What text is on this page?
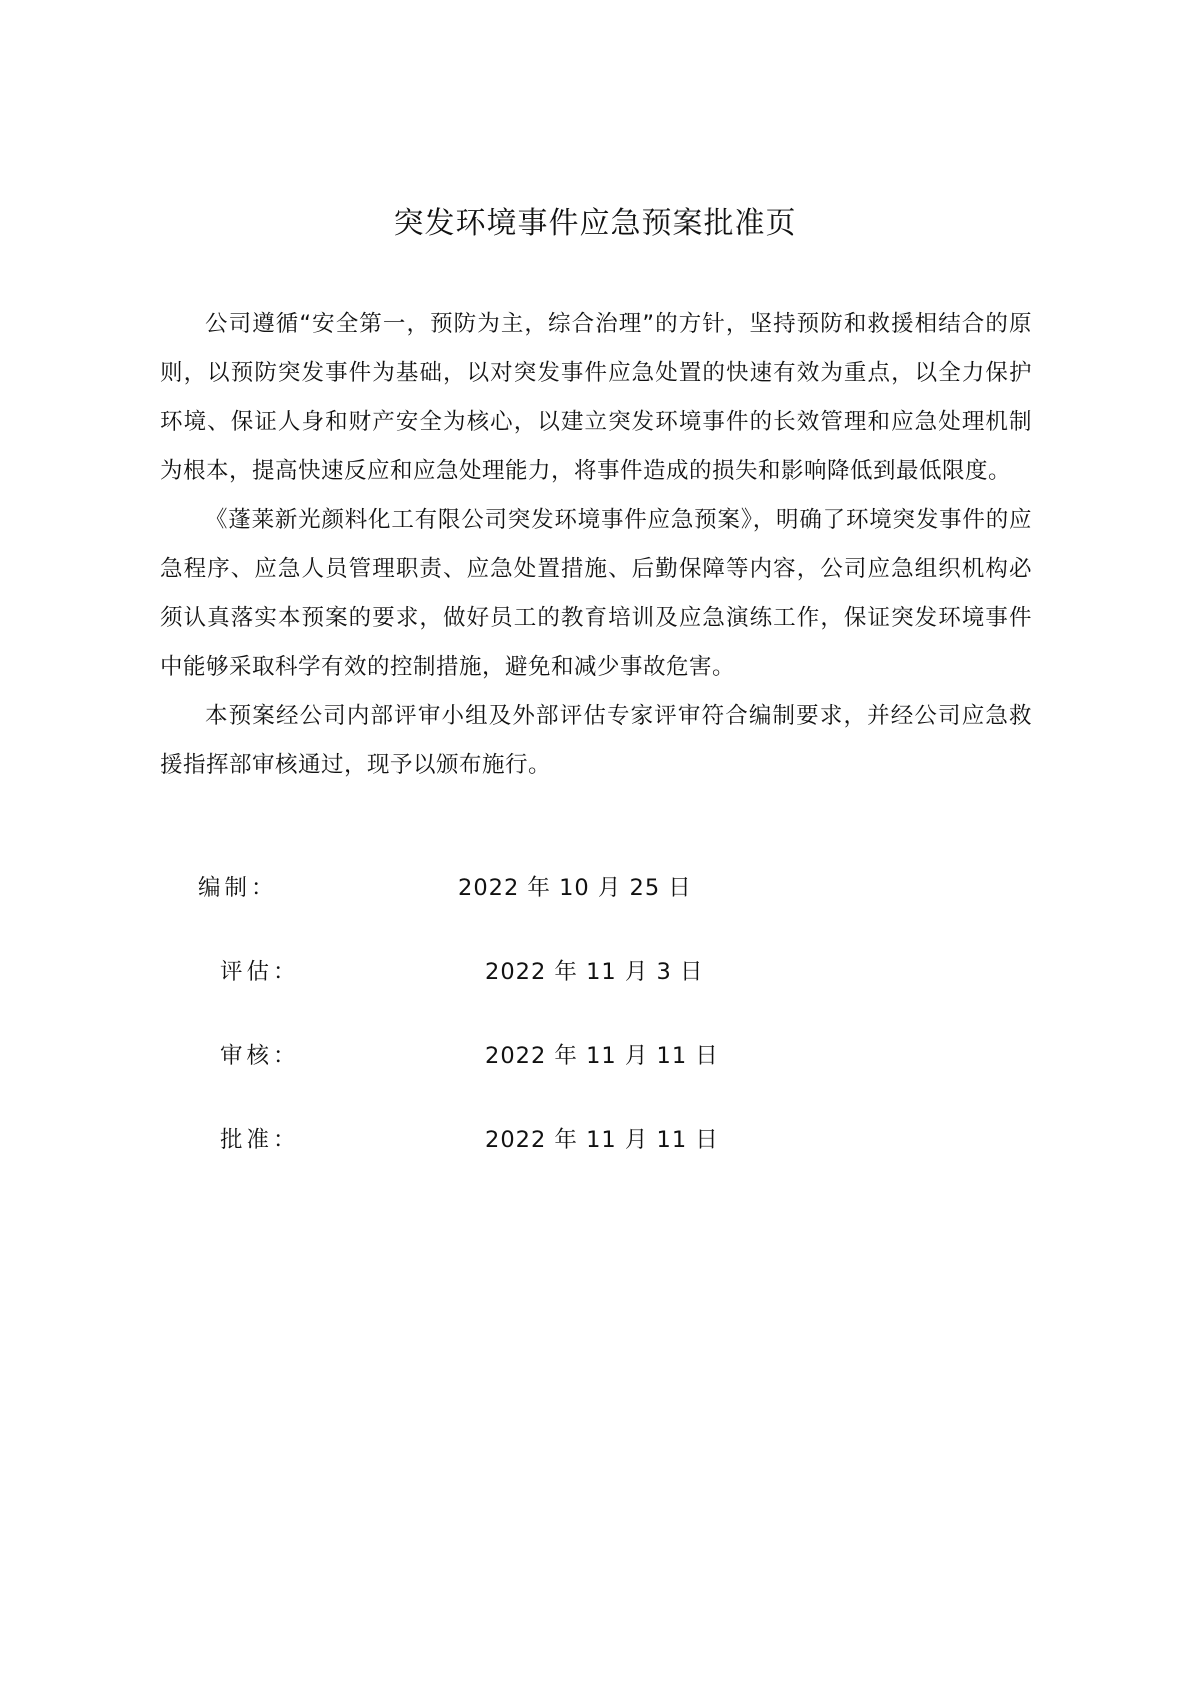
突发环境事件应急预案批准页

公司遵循“安全第一，预防为主，综合治理”的方针，坚持预防和救援相结合的原则，以预防突发事件为基础，以对突发事件应急处置的快速有效为重点，以全力保护环境、保证人身和财产安全为核心，以建立突发环境事件的长效管理和应急处理机制为根本，提高快速反应和应急处理能力，将事件造成的损失和影响降低到最低限度。

《蓬莱新光颜料化工有限公司突发环境事件应急预案》，明确了环境突发事件的应急程序、应急人员管理职责、应急处置措施、后勤保障等内容，公司应急组织机构必须认真落实本预案的要求，做好员工的教育培训及应急演练工作，保证突发环境事件中能够采取科学有效的控制措施，避免和减少事故危害。

本预案经公司内部评审小组及外部评估专家评审符合编制要求，并经公司应急救援指挥部审核通过，现予以颁布施行。

编制：	2022 年 10 月 25 日
评估：	2022 年 11 月 3 日
审核：	2022 年 11 月 11 日
批准：	2022 年 11 月 11 日
